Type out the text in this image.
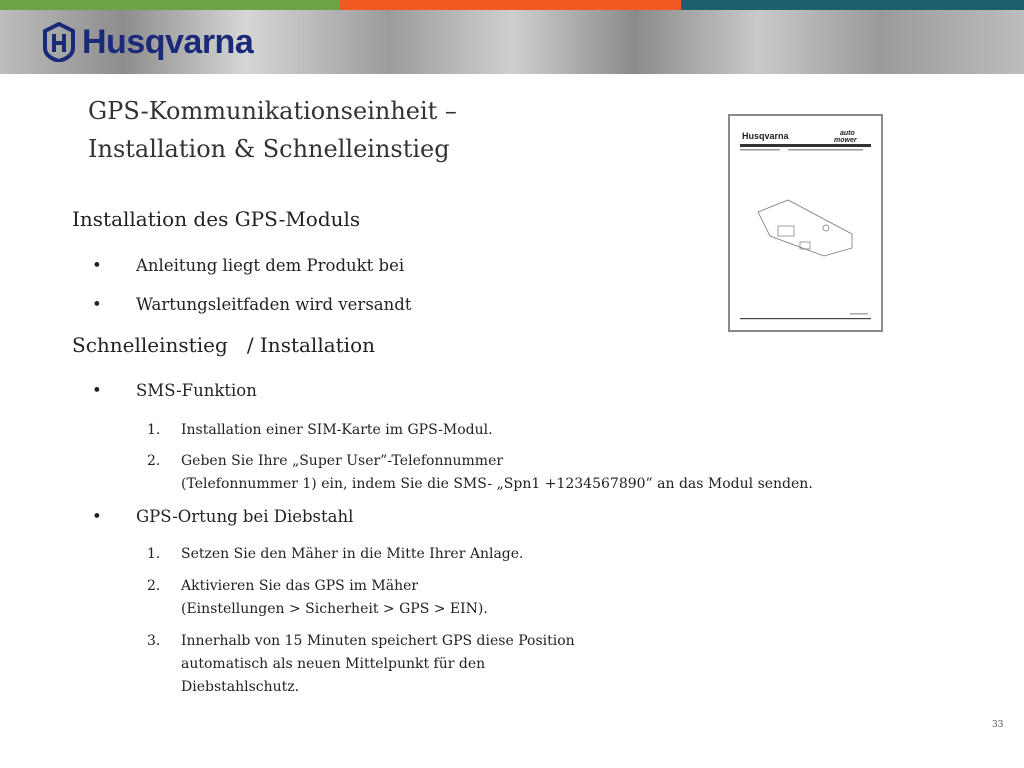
Husqvarna
GPS-Kommunikationseinheit –
Installation & Schnelleinstieg
Installation des GPS-Moduls
• Anleitung liegt dem Produkt bei
• Wartungsleitfaden wird versandt
Schnelleinstieg   / Installation
• SMS-Funktion
1. Installation einer SIM-Karte im GPS-Modul.
2. Geben Sie Ihre „Super User”-Telefonnummer
(Telefonnummer 1) ein, indem Sie die SMS- „Spn1 +1234567890” an das Modul senden.
• GPS-Ortung bei Diebstahl
1. Setzen Sie den Mäher in die Mitte Ihrer Anlage.
2. Aktivieren Sie das GPS im Mäher
(Einstellungen > Sicherheit > GPS > EIN).
3. Innerhalb von 15 Minuten speichert GPS diese Position
automatisch als neuen Mittelpunkt für den
Diebstahlschutz.
Husqvarna	auto
mower
33
